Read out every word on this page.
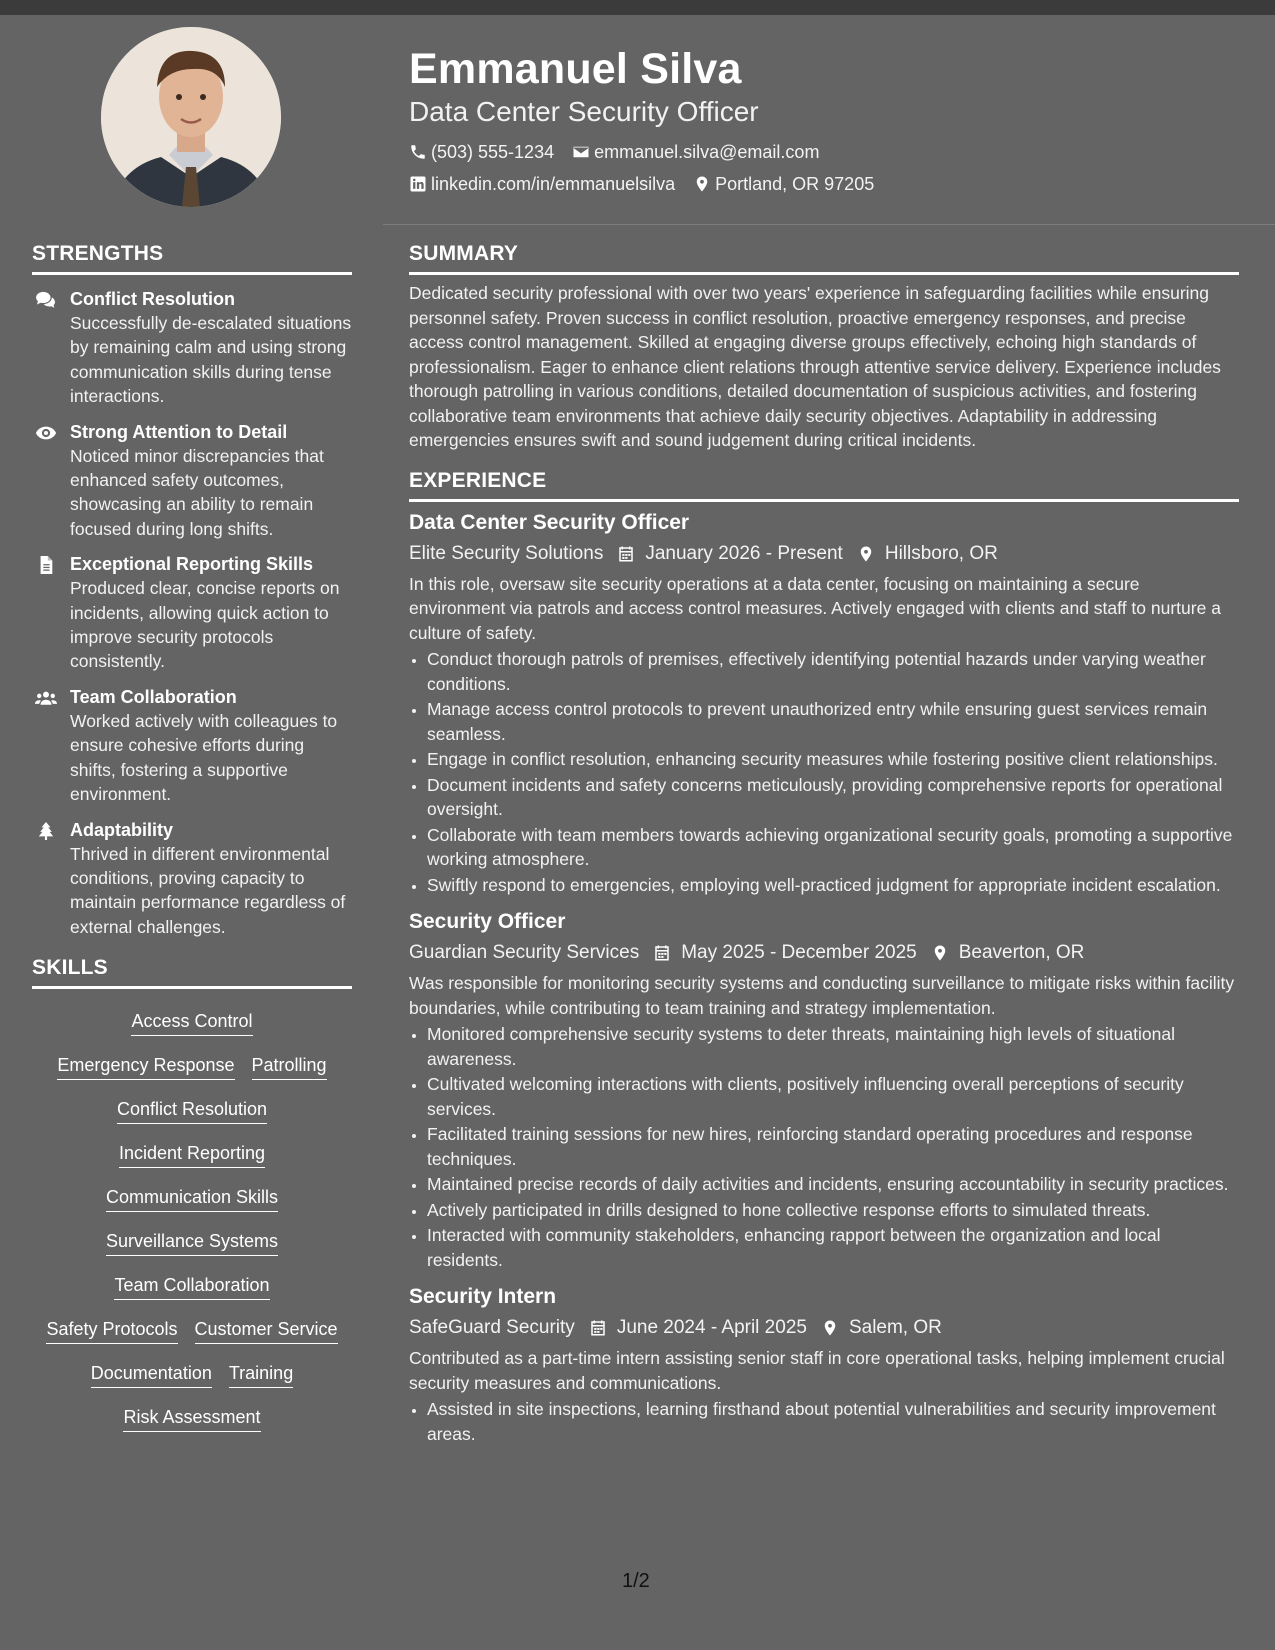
Emmanuel Silva
Data Center Security Officer
(503) 555-1234 emmanuel.silva@email.com
linkedin.com/in/emmanuelsilva Portland, OR 97205
STRENGTHS
Conflict Resolution
Successfully de-escalated situations by remaining calm and using strong communication skills during tense interactions.
Strong Attention to Detail
Noticed minor discrepancies that enhanced safety outcomes, showcasing an ability to remain focused during long shifts.
Exceptional Reporting Skills
Produced clear, concise reports on incidents, allowing quick action to improve security protocols consistently.
Team Collaboration
Worked actively with colleagues to ensure cohesive efforts during shifts, fostering a supportive environment.
Adaptability
Thrived in different environmental conditions, proving capacity to maintain performance regardless of external challenges.
SKILLS
Access Control
Emergency Response Patrolling
Conflict Resolution
Incident Reporting
Communication Skills
Surveillance Systems
Team Collaboration
Safety Protocols Customer Service
Documentation Training
Risk Assessment
SUMMARY

Dedicated security professional with over two years' experience in safeguarding facilities while ensuring personnel safety. Proven success in conflict resolution, proactive emergency responses, and precise access control management. Skilled at engaging diverse groups effectively, echoing high standards of professionalism. Eager to enhance client relations through attentive service delivery. Experience includes thorough patrolling in various conditions, detailed documentation of suspicious activities, and fostering collaborative team environments that achieve daily security objectives. Adaptability in addressing emergencies ensures swift and sound judgement during critical incidents.

EXPERIENCE
Data Center Security Officer
Elite Security Solutions January 2026 - Present Hillsboro, OR

In this role, oversaw site security operations at a data center, focusing on maintaining a secure environment via patrols and access control measures. Actively engaged with clients and staff to nurture a culture of safety.

• Conduct thorough patrols of premises, effectively identifying potential hazards under varying weather conditions.
• Manage access control protocols to prevent unauthorized entry while ensuring guest services remain seamless.
• Engage in conflict resolution, enhancing security measures while fostering positive client relationships.
• Document incidents and safety concerns meticulously, providing comprehensive reports for operational oversight.
• Collaborate with team members towards achieving organizational security goals, promoting a supportive working atmosphere.
• Swiftly respond to emergencies, employing well-practiced judgment for appropriate incident escalation.
Security Officer
Guardian Security Services May 2025 - December 2025 Beaverton, OR

Was responsible for monitoring security systems and conducting surveillance to mitigate risks within facility boundaries, while contributing to team training and strategy implementation.

• Monitored comprehensive security systems to deter threats, maintaining high levels of situational awareness.
• Cultivated welcoming interactions with clients, positively influencing overall perceptions of security services.
• Facilitated training sessions for new hires, reinforcing standard operating procedures and response techniques.
• Maintained precise records of daily activities and incidents, ensuring accountability in security practices.
• Actively participated in drills designed to hone collective response efforts to simulated threats.
• Interacted with community stakeholders, enhancing rapport between the organization and local residents.
Security Intern
SafeGuard Security June 2024 - April 2025 Salem, OR

Contributed as a part-time intern assisting senior staff in core operational tasks, helping implement crucial security measures and communications.

• Assisted in site inspections, learning firsthand about potential vulnerabilities and security improvement areas.
1/2
